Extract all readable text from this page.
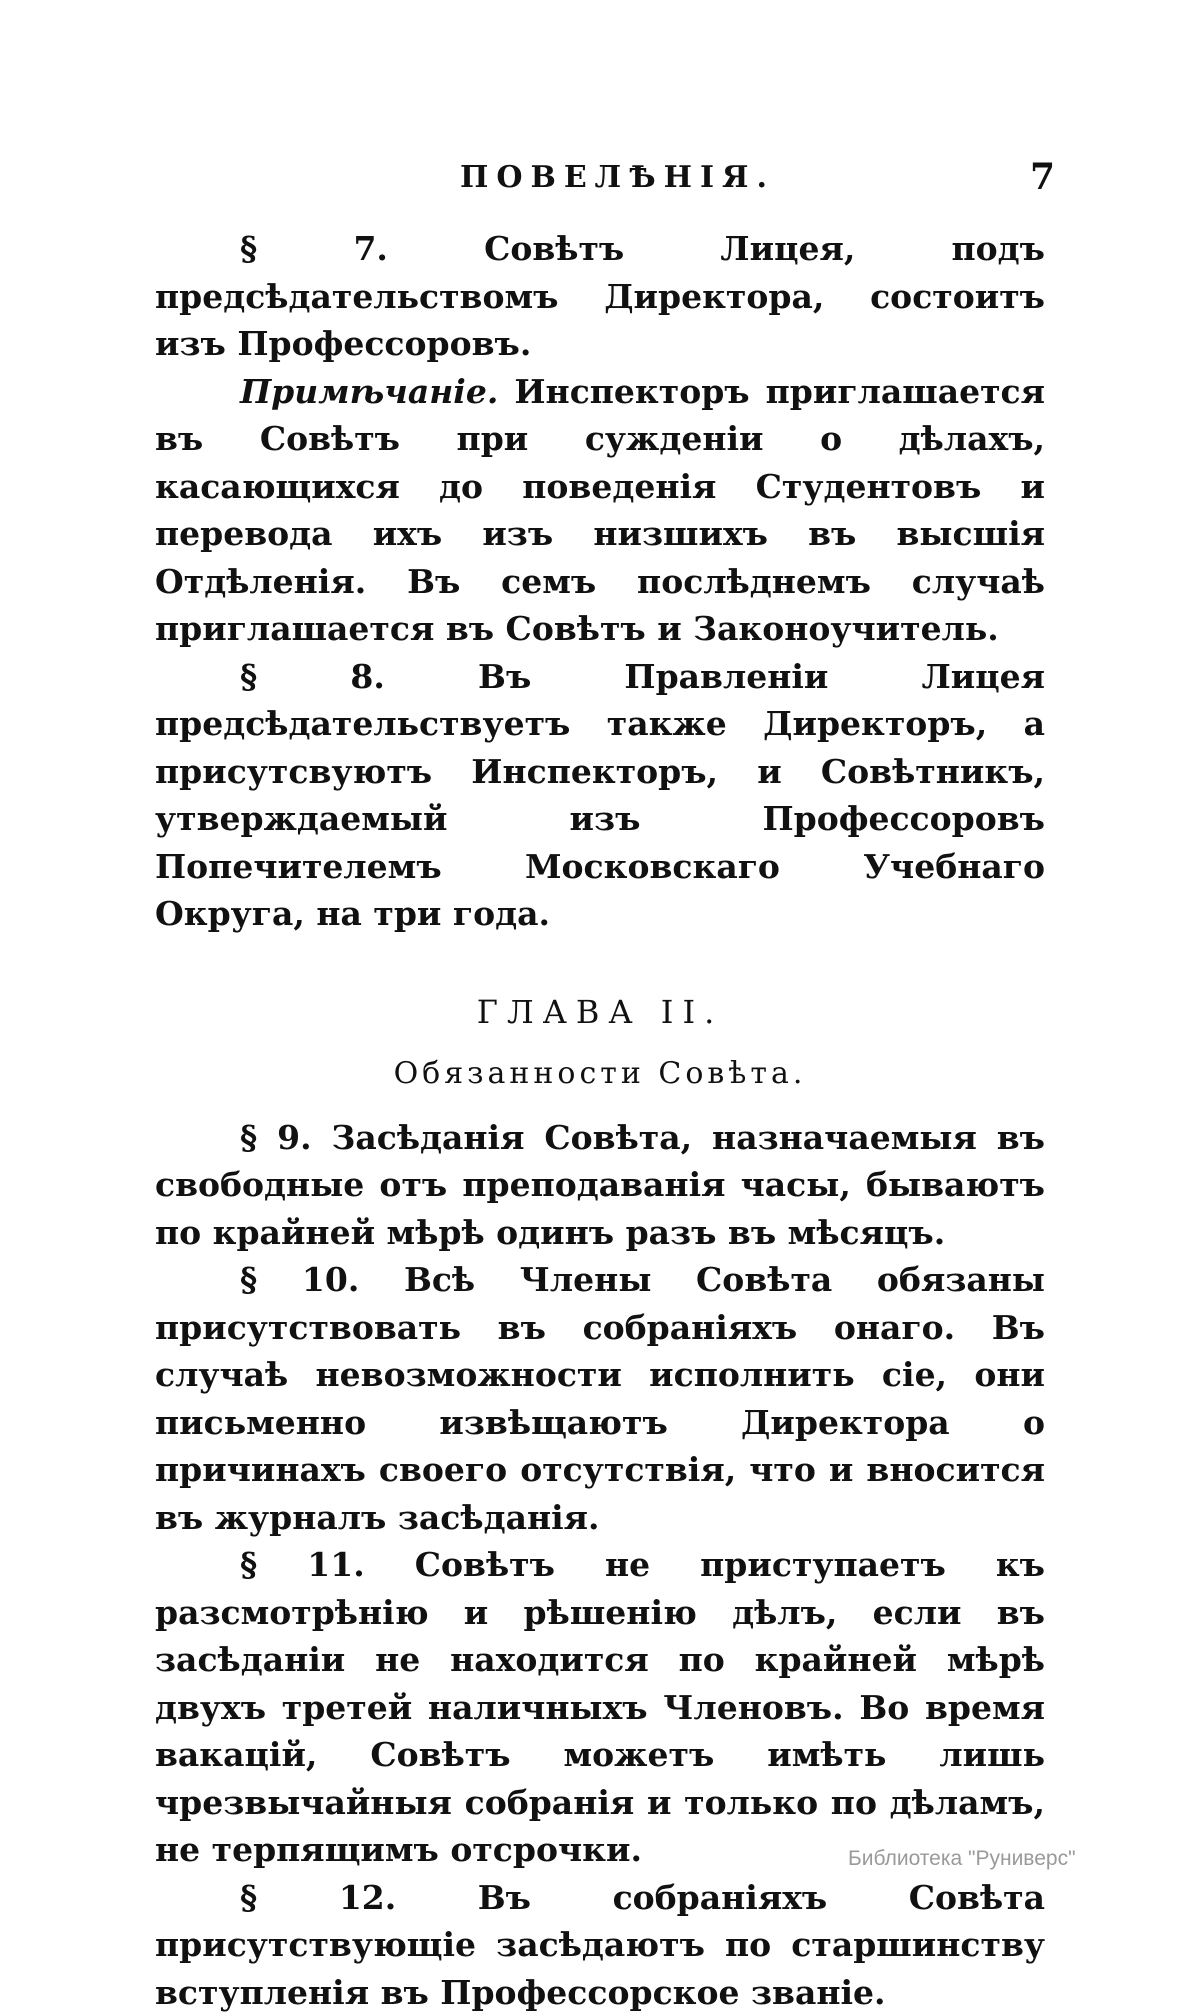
ПОВЕЛѢНІЯ.	7

§ 7. Совѣтъ Лицея, подъ предсѣдательствомъ Директора, состоитъ изъ Профессоровъ.

Примѣчаніе. Инспекторъ приглашается въ Совѣтъ при сужденіи о дѣлахъ, касающихся до поведенія Студентовъ и перевода ихъ изъ низшихъ въ высшія Отдѣленія. Въ семъ послѣднемъ случаѣ приглашается въ Совѣтъ и Законоучитель.

§ 8. Въ Правленіи Лицея предсѣдательствуетъ также Директоръ, а присутсвуютъ Инспекторъ, и Совѣтникъ, утверждаемый изъ Профессоровъ Попечителемъ Московскаго Учебнаго Округа, на три года.

ГЛАВА II.
Обязанности Совѣта.

§ 9. Засѣданія Совѣта, назначаемыя въ свободные отъ преподаванія часы, бываютъ по крайней мѣрѣ одинъ разъ въ мѣсяцъ.

§ 10. Всѣ Члены Совѣта обязаны присутствовать въ собраніяхъ онаго. Въ случаѣ невозможности исполнить сіе, они письменно извѣщаютъ Директора о причинахъ своего отсутствія, что и вносится въ журналъ засѣданія.

§ 11. Совѣтъ не приступаетъ къ разсмотрѣнію и рѣшенію дѣлъ, если въ засѣданіи не находится по крайней мѣрѣ двухъ третей наличныхъ Членовъ. Во время вакацій, Совѣтъ можетъ имѣть лишь чрезвычайныя собранія и только по дѣламъ, не терпящимъ отсрочки.

§ 12. Въ собраніяхъ Совѣта присутствующіе засѣдаютъ по старшинству вступленія въ Профессорское званіе.

Библиотека "Руниверс"
